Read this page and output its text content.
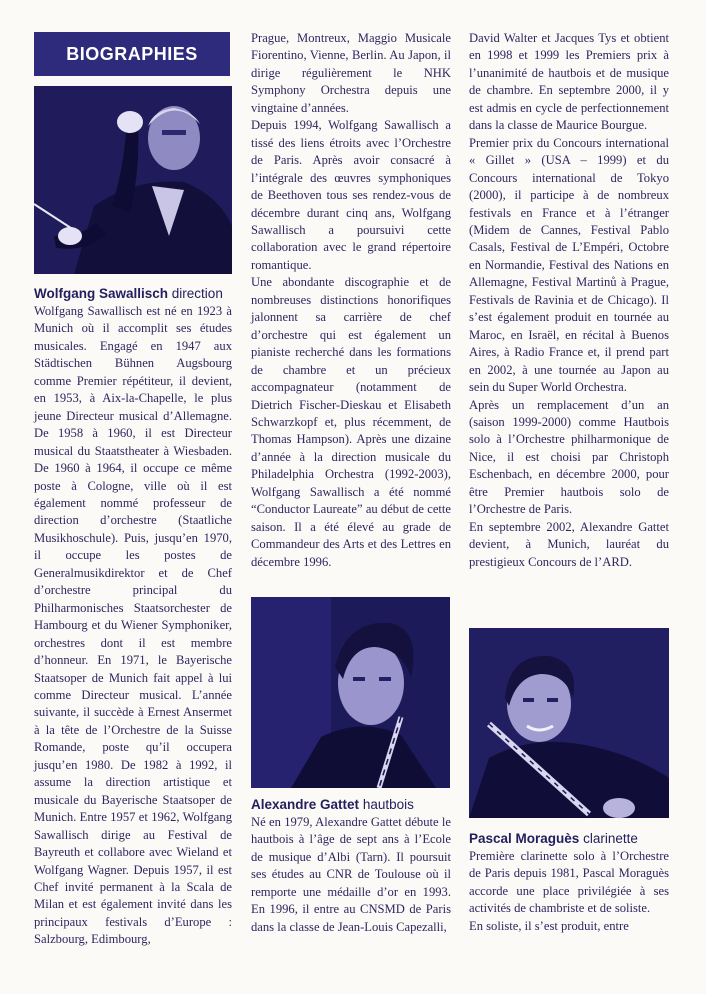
BIOGRAPHIES
Wolfgang Sawallisch direction

Wolfgang Sawallisch est né en 1923 à Munich où il accomplit ses études musicales. Engagé en 1947 aux Städtischen Bühnen Augsbourg comme Premier répétiteur, il devient, en 1953, à Aix-la-Chapelle, le plus jeune Directeur musical d’Allemagne. De 1958 à 1960, il est Directeur musical du Staatstheater à Wiesbaden. De 1960 à 1964, il occupe ce même poste à Cologne, ville où il est également nommé professeur de direction d’orchestre (Staatliche Musikhoschule). Puis, jusqu’en 1970, il occupe les postes de Generalmusikdirektor et de Chef d’orchestre principal du Philharmonisches Staatsorchester de Hambourg et du Wiener Symphoniker, orchestres dont il est membre d’honneur. En 1971, le Bayerische Staatsoper de Munich fait appel à lui comme Directeur musical. L’année suivante, il succède à Ernest Ansermet à la tête de l’Orchestre de la Suisse Romande, poste qu’il occupera jusqu’en 1980. De 1982 à 1992, il assume la direction artistique et musicale du Bayerische Staatsoper de Munich. Entre 1957 et 1962, Wolfgang Sawallisch dirige au Festival de Bayreuth et collabore avec Wieland et Wolfgang Wagner. Depuis 1957, il est Chef invité permanent à la Scala de Milan et est également invité dans les principaux festivals d’Europe : Salzbourg, Edimbourg,

Prague, Montreux, Maggio Musicale Fiorentino, Vienne, Berlin. Au Japon, il dirige régulièrement le NHK Symphony Orchestra depuis une vingtaine d’années.

Depuis 1994, Wolfgang Sawallisch a tissé des liens étroits avec l’Orchestre de Paris. Après avoir consacré à l’intégrale des œuvres symphoniques de Beethoven tous ses rendez-vous de décembre durant cinq ans, Wolfgang Sawallisch a poursuivi cette collaboration avec le grand répertoire romantique.

Une abondante discographie et de nombreuses distinctions honorifiques jalonnent sa carrière de chef d’orchestre qui est également un pianiste recherché dans les formations de chambre et un précieux accompagnateur (notamment de Dietrich Fischer-Dieskau et Elisabeth Schwarzkopf et, plus récemment, de Thomas Hampson). Après une dizaine d’année à la direction musicale du Philadelphia Orchestra (1992-2003), Wolfgang Sawallisch a été nommé “Conductor Laureate” au début de cette saison. Il a été élevé au grade de Commandeur des Arts et des Lettres en décembre 1996.

Alexandre Gattet hautbois

Né en 1979, Alexandre Gattet débute le hautbois à l’âge de sept ans à l’Ecole de musique d’Albi (Tarn). Il poursuit ses études au CNR de Toulouse où il remporte une médaille d’or en 1993. En 1996, il entre au CNSMD de Paris dans la classe de Jean-Louis Capezalli,

David Walter et Jacques Tys et obtient en 1998 et 1999 les Premiers prix à l’unanimité de hautbois et de musique de chambre. En septembre 2000, il y est admis en cycle de perfectionnement dans la classe de Maurice Bourgue.

Premier prix du Concours international « Gillet » (USA – 1999) et du Concours international de Tokyo (2000), il participe à de nombreux festivals en France et à l’étranger (Midem de Cannes, Festival Pablo Casals, Festival de L’Empéri, Octobre en Normandie, Festival des Nations en Allemagne, Festival Martinů à Prague, Festivals de Ravinia et de Chicago). Il s’est également produit en tournée au Maroc, en Israël, en récital à Buenos Aires, à Radio France et, il prend part en 2002, à une tournée au Japon au sein du Super World Orchestra.

Après un remplacement d’un an (saison 1999-2000) comme Hautbois solo à l’Orchestre philharmonique de Nice, il est choisi par Christoph Eschenbach, en décembre 2000, pour être Premier hautbois solo de l’Orchestre de Paris.

En septembre 2002, Alexandre Gattet devient, à Munich, lauréat du prestigieux Concours de l’ARD.

Pascal Moraguès clarinette

Première clarinette solo à l’Orchestre de Paris depuis 1981, Pascal Moraguès accorde une place privilégiée à ses activités de chambriste et de soliste.

En soliste, il s’est produit, entre
